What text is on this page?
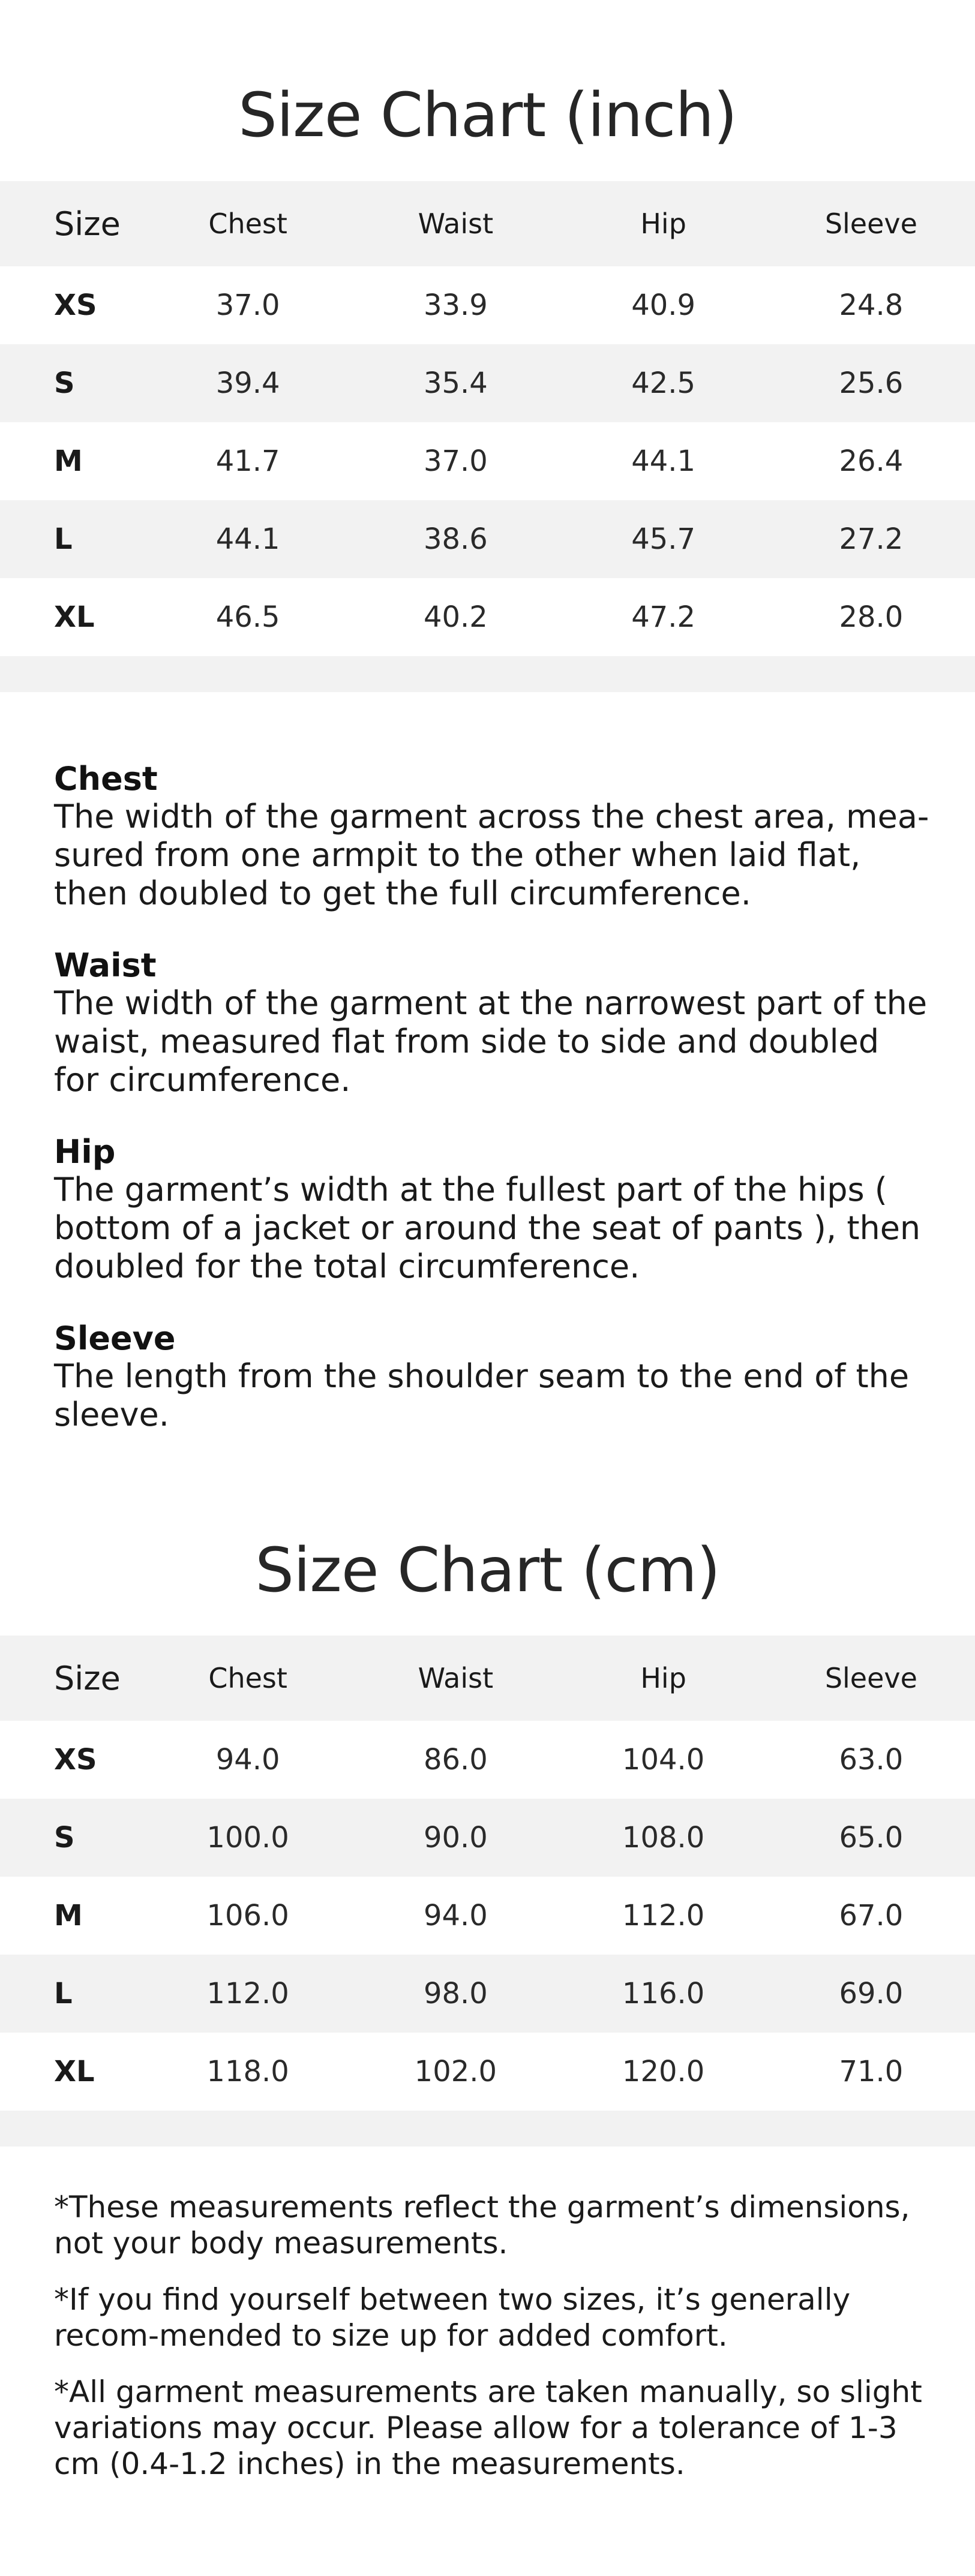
Size Chart (inch)
Size	Chest	Waist	Hip	Sleeve
XS	37.0	33.9	40.9	24.8
S	39.4	35.4	42.5	25.6
M	41.7	37.0	44.1	26.4
L	44.1	38.6	45.7	27.2
XL	46.5	40.2	47.2	28.0

Chest
The width of the garment across the chest area, mea-sured from one armpit to the other when laid flat, then doubled to get the full circumference.
Waist
The width of the garment at the narrowest part of the waist, measured flat from side to side and doubled for circumference.
Hip
The garment’s width at the fullest part of the hips ( bottom of a jacket or around the seat of pants ), then doubled for the total circumference.
Sleeve
The length from the shoulder seam to the end of the sleeve.
Size Chart (cm)
Size	Chest	Waist	Hip	Sleeve
XS	94.0	86.0	104.0	63.0
S	100.0	90.0	108.0	65.0
M	106.0	94.0	112.0	67.0
L	112.0	98.0	116.0	69.0
XL	118.0	102.0	120.0	71.0

*These measurements reflect the garment’s dimensions, not your body measurements.
*If you find yourself between two sizes, it’s generally recom-mended to size up for added comfort.
*All garment measurements are taken manually, so slight variations may occur. Please allow for a tolerance of 1-3 cm (0.4-1.2 inches) in the measurements.
